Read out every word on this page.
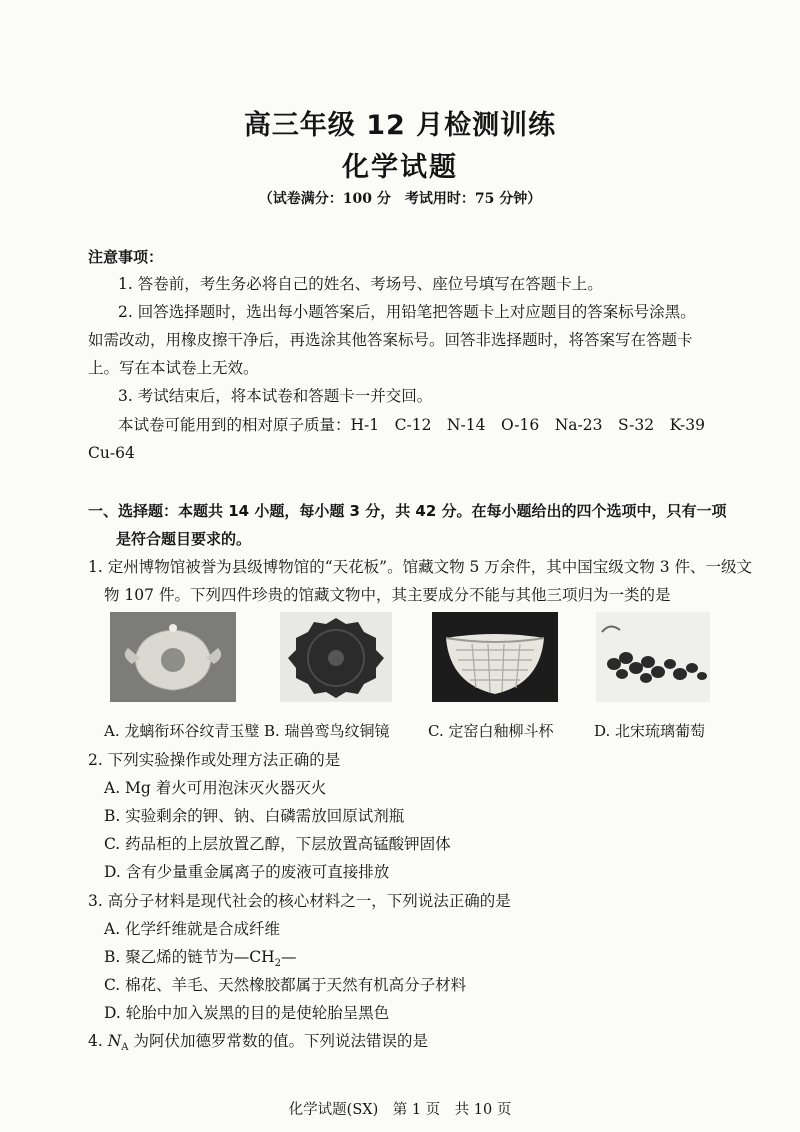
高三年级 12 月检测训练
化学试题
（试卷满分：100 分　考试用时：75 分钟）
注意事项：
1. 答卷前，考生务必将自己的姓名、考场号、座位号填写在答题卡上。
2. 回答选择题时，选出每小题答案后，用铅笔把答题卡上对应题目的答案标号涂黑。
如需改动，用橡皮擦干净后，再选涂其他答案标号。回答非选择题时，将答案写在答题卡
上。写在本试卷上无效。
3. 考试结束后，将本试卷和答题卡一并交回。
本试卷可能用到的相对原子质量：H-1　C-12　N-14　O-16　Na-23　S-32　K-39
Cu-64
一、选择题：本题共 14 小题，每小题 3 分，共 42 分。在每小题给出的四个选项中，只有一项
是符合题目要求的。
1. 定州博物馆被誉为县级博物馆的“天花板”。馆藏文物 5 万余件，其中国宝级文物 3 件、一级文
物 107 件。下列四件珍贵的馆藏文物中，其主要成分不能与其他三项归为一类的是
A. 龙螭衔环谷纹青玉璧 B. 瑞兽鸾鸟纹铜镜	C. 定窑白釉柳斗杯	D. 北宋琉璃葡萄
2. 下列实验操作或处理方法正确的是
A. Mg 着火可用泡沫灭火器灭火
B. 实验剩余的钾、钠、白磷需放回原试剂瓶
C. 药品柜的上层放置乙醇，下层放置高锰酸钾固体
D. 含有少量重金属离子的废液可直接排放
3. 高分子材料是现代社会的核心材料之一，下列说法正确的是
A. 化学纤维就是合成纤维
B. 聚乙烯的链节为$—CH_2—$
C. 棉花、羊毛、天然橡胶都属于天然有机高分子材料
D. 轮胎中加入炭黑的目的是使轮胎呈黑色
4. $N_A$ 为阿伏加德罗常数的值。下列说法错误的是
化学试题(SX)　第 1 页　共 10 页
